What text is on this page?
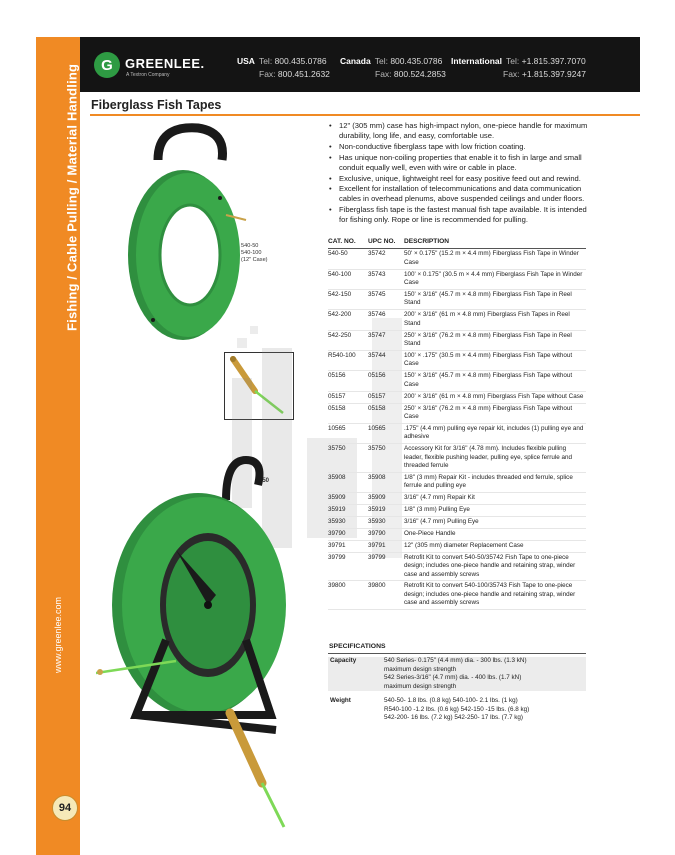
Fishing / Cable Pulling / Material Handling
www.greenlee.com
94
G GREENLEE.
A Textron Company
USA Tel: 800.435.0786
Fax: 800.451.2632
Canada Tel: 800.435.0786
Fax: 800.524.2853
International Tel: +1.815.397.7070
Fax: +1.815.397.9247
Fiberglass Fish Tapes
540-50
540-100
(12" Case)
5-50
• 12" (305 mm) case has high-impact nylon, one-piece handle for maximum durability, long life, and easy, comfortable use.
• Non-conductive fiberglass tape with low friction coating.
• Has unique non-coiling properties that enable it to fish in large and small conduit equally well, even with wire or cable in place.
• Exclusive, unique, lightweight reel for easy positive feed out and rewind.
• Excellent for installation of telecommunications and data communication cables in overhead plenums, above suspended ceilings and under floors.
• Fiberglass fish tape is the fastest manual fish tape available. It is intended for fishing only. Rope or line is recommended for pulling.
CAT. NO.	UPC NO.	DESCRIPTION
540-50	35742	50' × 0.175" (15.2 m × 4.4 mm) Fiberglass Fish Tape in Winder Case
540-100	35743	100' × 0.175" (30.5 m × 4.4 mm) Fiberglass Fish Tape in Winder Case
542-150	35745	150' × 3/16" (45.7 m × 4.8 mm) Fiberglass Fish Tape in Reel Stand
542-200	35746	200' × 3/16" (61 m × 4.8 mm) Fiberglass Fish Tapes in Reel Stand
542-250	35747	250' × 3/16" (76.2 m × 4.8 mm) Fiberglass Fish Tape in Reel Stand
R540-100	35744	100' × .175" (30.5 m × 4.4 mm) Fiberglass Fish Tape without Case
05156	05156	150' × 3/16" (45.7 m × 4.8 mm) Fiberglass Fish Tape without Case
05157	05157	200' × 3/16" (61 m × 4.8 mm) Fiberglass Fish Tape without Case
05158	05158	250' × 3/16" (76.2 m × 4.8 mm) Fiberglass Fish Tape without Case
10565	10565	.175" (4.4 mm) pulling eye repair kit, includes (1) pulling eye and adhesive
35750	35750	Accessory Kit for 3/16" (4.78 mm). Includes flexible pulling leader, flexible pushing leader, pulling eye, splice ferrule and threaded ferrule
35908	35908	1/8" (3 mm) Repair Kit - includes threaded end ferrule, splice ferrule and pulling eye
35909	35909	3/16" (4.7 mm) Repair Kit
35919	35919	1/8" (3 mm) Pulling Eye
35930	35930	3/16" (4.7 mm) Pulling Eye
39790	39790	One-Piece Handle
39791	39791	12" (305 mm) diameter Replacement Case
39799	39799	Retrofit Kit to convert 540-50/35742 Fish Tape to one-piece design; includes one-piece handle and retaining strap, winder case and assembly screws
39800	39800	Retrofit Kit to convert 540-100/35743 Fish Tape to one-piece design; includes one-piece handle and retaining strap, winder case and assembly screws
SPECIFICATIONS
Capacity	540 Series- 0.175" (4.4 mm) dia. - 300 lbs. (1.3 kN)
maximum design strength
542 Series-3/16" (4.7 mm) dia. - 400 lbs. (1.7 kN)
maximum design strength
Weight	540-50- 1.8 lbs. (0.8 kg) 540-100- 2.1 lbs. (1 kg)
R540-100 -1.2 lbs. (0.6 kg) 542-150 -15 lbs. (6.8 kg)
542-200- 16 lbs. (7.2 kg) 542-250- 17 lbs. (7.7 kg)
